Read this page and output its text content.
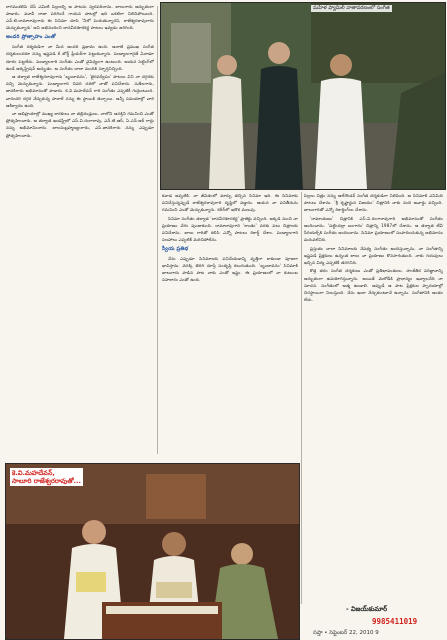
రాగముకలిపి చేసే ఎమిటి పిల్లలల్ని ఆ పాటను స్వరపరిచాను. బాలుగారు అద్భుతంగా పాడారు. మూవీ రాజా పెరిగించే గాయన పాటల్లో ఇది ఒకటిగా నిలిచిపోయింది. ఎన్.టి.రామారావుగారు ఈ సినిమా చూసి 'నీలో పెంకుతున్నారని, రాజేశ్వరరావుగారు మెచ్చుకున్నారు' అని అభినందించి దానవీరశూరకర్ణ పాటలు ఇవ్వడం జరిగింది.

అందరి ప్రోత్సాహం ఎంతో

సంగీత దర్శకుడిగా నా మీద అందరి ప్రభావం ఉంది. ఆనాటి ప్రముఖ సంగీత దర్శకులందరూ నన్ను ఇష్టపడి కే బోర్డ్ ప్లేయర్‌గా పెట్టుకున్నారు. పెండ్యాలగారైతే ఏనాడూ దూరం పెట్టలేదు. పెండ్యాలగారి సంగీతం ఎంతో వైవిధ్యంగా ఉంటుంది. ఆయన సెట్టింగ్‌లో ఉండే ఆర్కెస్ట్రేషన్ అద్భుతం. ఆ సంగీతం చాలా మందికి స్ఫూర్తినిచ్చింది.

ఆ తర్వాత రాజేశ్వరరావుగారు 'బృందావనం', 'భైరవద్వీపం' పాటలు విని నా దగ్గరకు వచ్చి మెచ్చుకున్నారు. పెండ్యాలగారి చివరి దశలో నాతో పనిచేశారు. సుశీలగారు, జానకిగారు అభిమానంతో పాడారు. కె.వి.మహదేవన్ గారి సంగీతం ఎప్పటికీ గుర్తుంటుంది. వారందరి దగ్గర నేర్చుకున్న పాఠాలే నన్ను ఈ స్థాయికి తెచ్చాయి. అన్నీ సమయాల్లో వారి ఆశీర్వాదం ఉంది.

నా అభిప్రాయాల్లో ముఖ్య కారకులు నా తల్లిదండ్రులు. నాలోని ఆసక్తిని గమనించి ఎంతో ప్రోత్సహించారు. ఆ తర్వాత ఇండస్ట్రీలో ఎస్.వి.రంగారావు, ఎన్.టి.ఆర్, ఏ.ఎన్.ఆర్ గార్లు నన్ను అభిమానించారు. బాలసుబ్రహ్మణ్యంగారు, ఎస్.జానకిగారు నన్ను ఎప్పుడూ ప్రోత్సహించారు.

మహిళ ఫ్యామిలీ వాతావరణంలో సంగీత

కవాడ అప్పటికి. నా జీవితంలో మార్పు తెచ్చిన సినిమా ఇది. ఈ సినిమాకు పనిచేస్తున్నప్పుడే రాజేశ్వరరావుగారి దృష్టిలో పడ్డాను. ఆయన నా పనితీరును గమనించి ఎంతో మెచ్చుకున్నారు. కెరీర్‌లో ఇదొక మలుపు.

సినిమా సంగీతం తర్వాత 'దానవీరశూరకర్ణ' ప్రాజెక్టు వచ్చింది. అక్కడి నుంచి నా ప్రయాణం వేగం పుంజుకుంది. రామారావుగారి 'కాంతం' వరకు పలు చిత్రాలకు పనిచేశాను. బాలు గారితో కలిసి ఎన్నో పాటలు రికార్డ్ చేశాం. పెండ్యాలగారి సలహాలు ఎప్పటికీ మరిచిపోలేను.

స్వీయ ప్రతిభ

నేను ఎప్పుడూ సినిమాలకు పనిచేయడాన్ని వృత్తిగా కాకుండా పూజగా భావిస్తాను. వెనక్కి తిరిగి చూస్తే సంతృప్తి కలుగుతుంది. 'బృందావనం' సినిమాకి బాలుగారు పాడిన పాట నాకు ఎంతో ఇష్టం. ఈ ప్రయాణంలో నా కుటుంబ సహకారం ఎంతో ఉంది.

పిల్లలు చిత్రం నన్ను ఆల్‌రౌండర్ సంగీత దర్శకుడిగా నిలిపింది. ఆ సినిమాకి ఎనిమిది పాటలు చేశాను. 'శ్రీ కృష్ణార్జున విజయం' చిత్రానికి నాకు నంది అవార్డు వచ్చింది. బాలుగారితో ఎన్నో రికార్డింగ్‌లు చేశాను.

'రామాయణం' చిత్రానికి ఎస్.వి.రంగారావుగారి అభిమానంతో సంగీతం అందించాను. 'పట్టిందల్లా బంగారం' చిత్రాన్ని 1987లో చేశాను. ఆ తర్వాత టీవీ సీరియల్స్‌కి సంగీతం అందించాను. సినిమా ప్రయాణంలో సంపాదించుకున్న అభిమానం మరువలేనిది.

ప్రస్తుతం చాలా సినిమాలకు నేపథ్య సంగీతం అందిస్తున్నాను. నా సంగీతాన్ని ఇష్టపడే ప్రేక్షకులు ఉన్నంత కాలం నా ప్రయాణం కొనసాగుతుంది. నాకు గురువులు ఇచ్చిన విద్య ఎప్పటికీ తరగనిది.

కొత్త తరం సంగీత దర్శకులు ఎంతో ప్రతిభావంతులు. సాంకేతిక పరిజ్ఞానాన్ని అద్భుతంగా ఉపయోగిస్తున్నారు. అయితే మెలోడీకి ప్రాధాన్యం ఇవ్వాలనేది నా సూచన. సంగీతంలో ఆత్మ ఉండాలి. అప్పుడే ఆ పాట ప్రేక్షకుల హృదయాల్లో చిరస్థాయిగా నిలుస్తుంది. నేను ఇంకా నేర్చుకుంటూనే ఉన్నాను. సంగీతానికి అంతం లేదు.

కె.వి.మహదేవన్,
సాలూరి రాజేశ్వరరావుతో...
- విజయ్‌కుమార్
9985411019
సప్తా • సెప్టెంబర్ 22, 2010 9
